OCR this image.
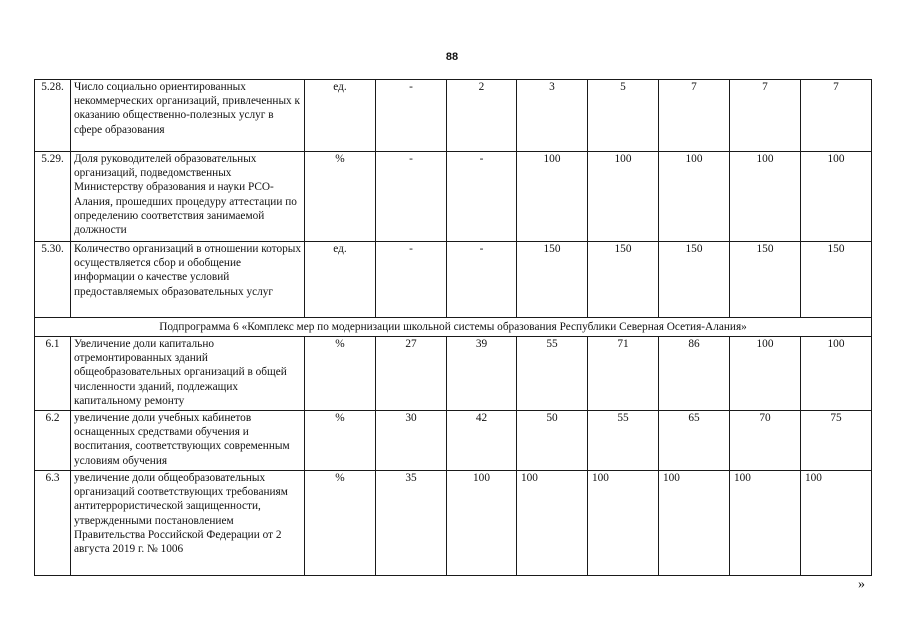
88
5.28.	Число социально ориентированных некоммерческих организаций, привлеченных к оказанию общественно-полезных услуг в сфере образования	ед.	-	2	3	5	7	7	7
5.29.	Доля руководителей образовательных организаций, подведомственных Министерству образования и науки РСО-Алания, прошедших процедуру аттестации по определению соответствия занимаемой должности	%	-	-	100	100	100	100	100
5.30.	Количество организаций в отношении которых осуществляется сбор и обобщение информации о качестве условий предоставляемых образовательных услуг	ед.	-	-	150	150	150	150	150
Подпрограмма 6 «Комплекс мер по модернизации школьной системы образования Республики Северная Осетия-Алания»									
6.1	Увеличение доли капитально отремонтированных зданий общеобразовательных организаций в общей численности зданий, подлежащих капитальному ремонту	%	27	39	55	71	86	100	100
6.2	увеличение доли учебных кабинетов оснащенных средствами обучения и воспитания, соответствующих современным условиям обучения	%	30	42	50	55	65	70	75
6.3	увеличение доли общеобразовательных организаций соответствующих требованиям антитеррористической защищенности, утвержденными постановлением Правительства Российской Федерации от 2 августа 2019 г. № 1006	%	35	100	100	100	100	100	100
»
